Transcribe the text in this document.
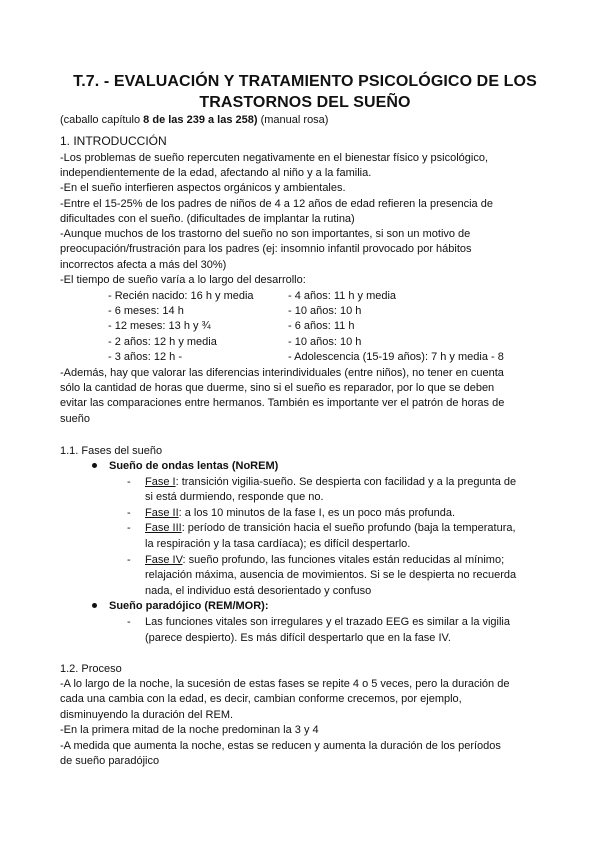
T.7. - EVALUACIÓN Y TRATAMIENTO PSICOLÓGICO DE LOS
TRASTORNOS DEL SUEÑO
(caballo capítulo 8 de las 239 a las 258) (manual rosa)
1. INTRODUCCIÓN
-Los problemas de sueño repercuten negativamente en el bienestar físico y psicológico,
independientemente de la edad, afectando al niño y a la familia.
-En el sueño interfieren aspectos orgánicos y ambientales.
-Entre el 15-25% de los padres de niños de 4 a 12 años de edad refieren la presencia de
dificultades con el sueño. (dificultades de implantar la rutina)
-Aunque muchos de los trastorno del sueño no son importantes, si son un motivo de
preocupación/frustración para los padres (ej: insomnio infantil provocado por hábitos
incorrectos afecta a más del 30%)
-El tiempo de sueño varía a lo largo del desarrollo:
- Recién nacido: 16 h y media
- 6 meses: 14 h
- 12 meses: 13 h y ¾
- 2 años: 12 h y media
- 3 años: 12 h -
- 4 años: 11 h y media
- 10 años: 10 h
- 6 años: 11 h
- 10 años: 10 h
- Adolescencia (15-19 años): 7 h y media - 8
-Además, hay que valorar las diferencias interindividuales (entre niños), no tener en cuenta
sólo la cantidad de horas que duerme, sino si el sueño es reparador, por lo que se deben
evitar las comparaciones entre hermanos. También es importante ver el patrón de horas de
sueño
1.1. Fases del sueño
Sueño de ondas lentas (NoREM)
- Fase I: transición vigilia-sueño. Se despierta con facilidad y a la pregunta de
si está durmiendo, responde que no.
- Fase II: a los 10 minutos de la fase I, es un poco más profunda.
- Fase III: período de transición hacia el sueño profundo (baja la temperatura,
la respiración y la tasa cardíaca); es difícil despertarlo.
- Fase IV: sueño profundo, las funciones vitales están reducidas al mínimo;
relajación máxima, ausencia de movimientos. Si se le despierta no recuerda
nada, el individuo está desorientado y confuso
Sueño paradójico (REM/MOR):
- Las funciones vitales son irregulares y el trazado EEG es similar a la vigilia
(parece despierto). Es más difícil despertarlo que en la fase IV.
1.2. Proceso
-A lo largo de la noche, la sucesión de estas fases se repite 4 o 5 veces, pero la duración de
cada una cambia con la edad, es decir, cambian conforme crecemos, por ejemplo,
disminuyendo la duración del REM.
-En la primera mitad de la noche predominan la 3 y 4
-A medida que aumenta la noche, estas se reducen y aumenta la duración de los períodos
de sueño paradójico
